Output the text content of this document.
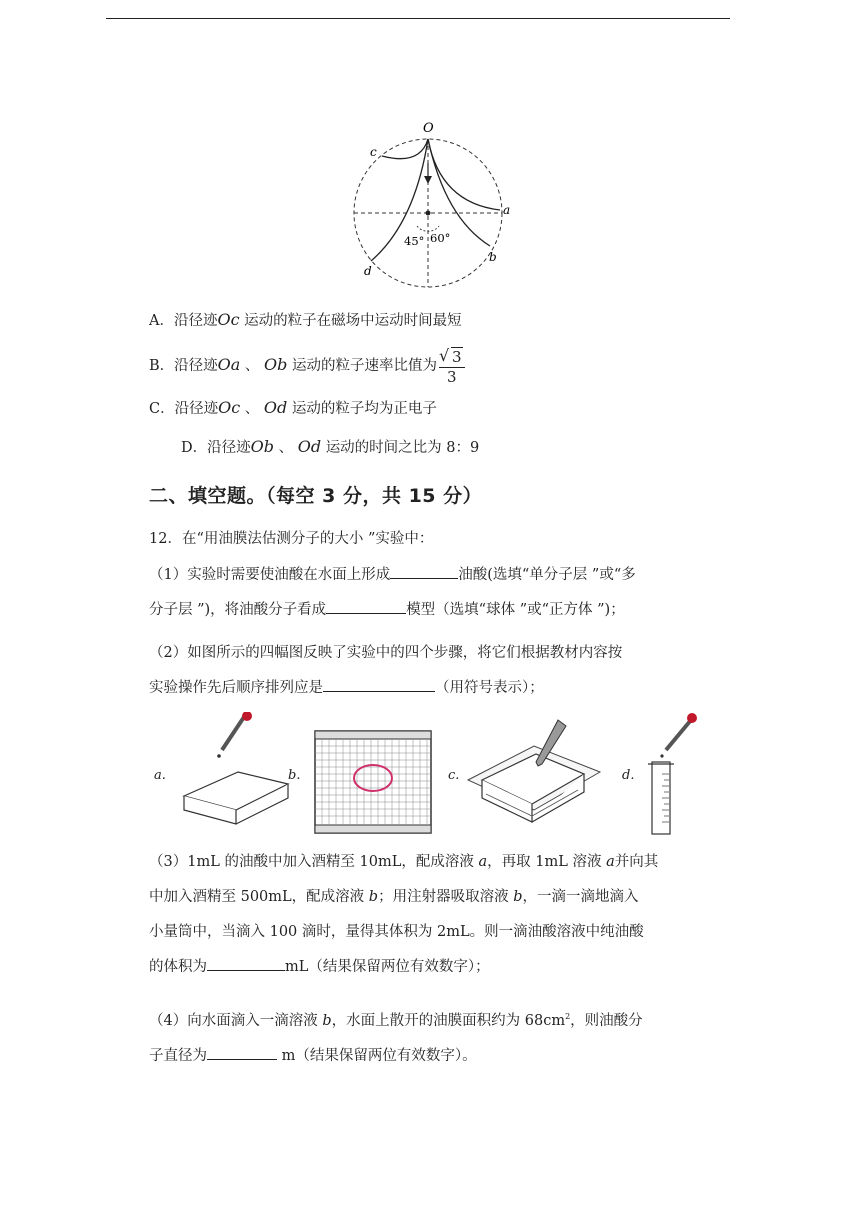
O
a
b
c
d
45° 60°
A．沿径迹Oc 运动的粒子在磁场中运动时间最短
B．沿径迹Oa 、 Ob 运动的粒子速率比值为
√ $\frac{3}{3}$
C．沿径迹Oc 、 Od 运动的粒子均为正电子
D．沿径迹Ob 、 Od 运动的时间之比为 8：9
二、填空题。（每空 3 分，共 15 分）
12．在“用油膜法估测分子的大小 ”实验中：
（1）实验时需要使油酸在水面上形成	油酸(选填“单分子层 ”或“多
分子层 ”)，将油酸分子看成	模型（选填“球体 ”或“正方体 ”)；
（2）如图所示的四幅图反映了实验中的四个步骤，将它们根据教材内容按
实验操作先后顺序排列应是	（用符号表示）；
a.	b.	c.	d.
（3）1mL 的油酸中加入酒精至 10mL，配成溶液 a，再取 1mL 溶液 a并向其
中加入酒精至 500mL，配成溶液 b；用注射器吸取溶液 b，一滴一滴地滴入
小量筒中，当滴入 100 滴时，量得其体积为 2mL。则一滴油酸溶液中纯油酸
的体积为	mL（结果保留两位有效数字）；
（4）向水面滴入一滴溶液 b，水面上散开的油膜面积约为 $68cm^2$，则油酸分
子直径为	m（结果保留两位有效数字）。
